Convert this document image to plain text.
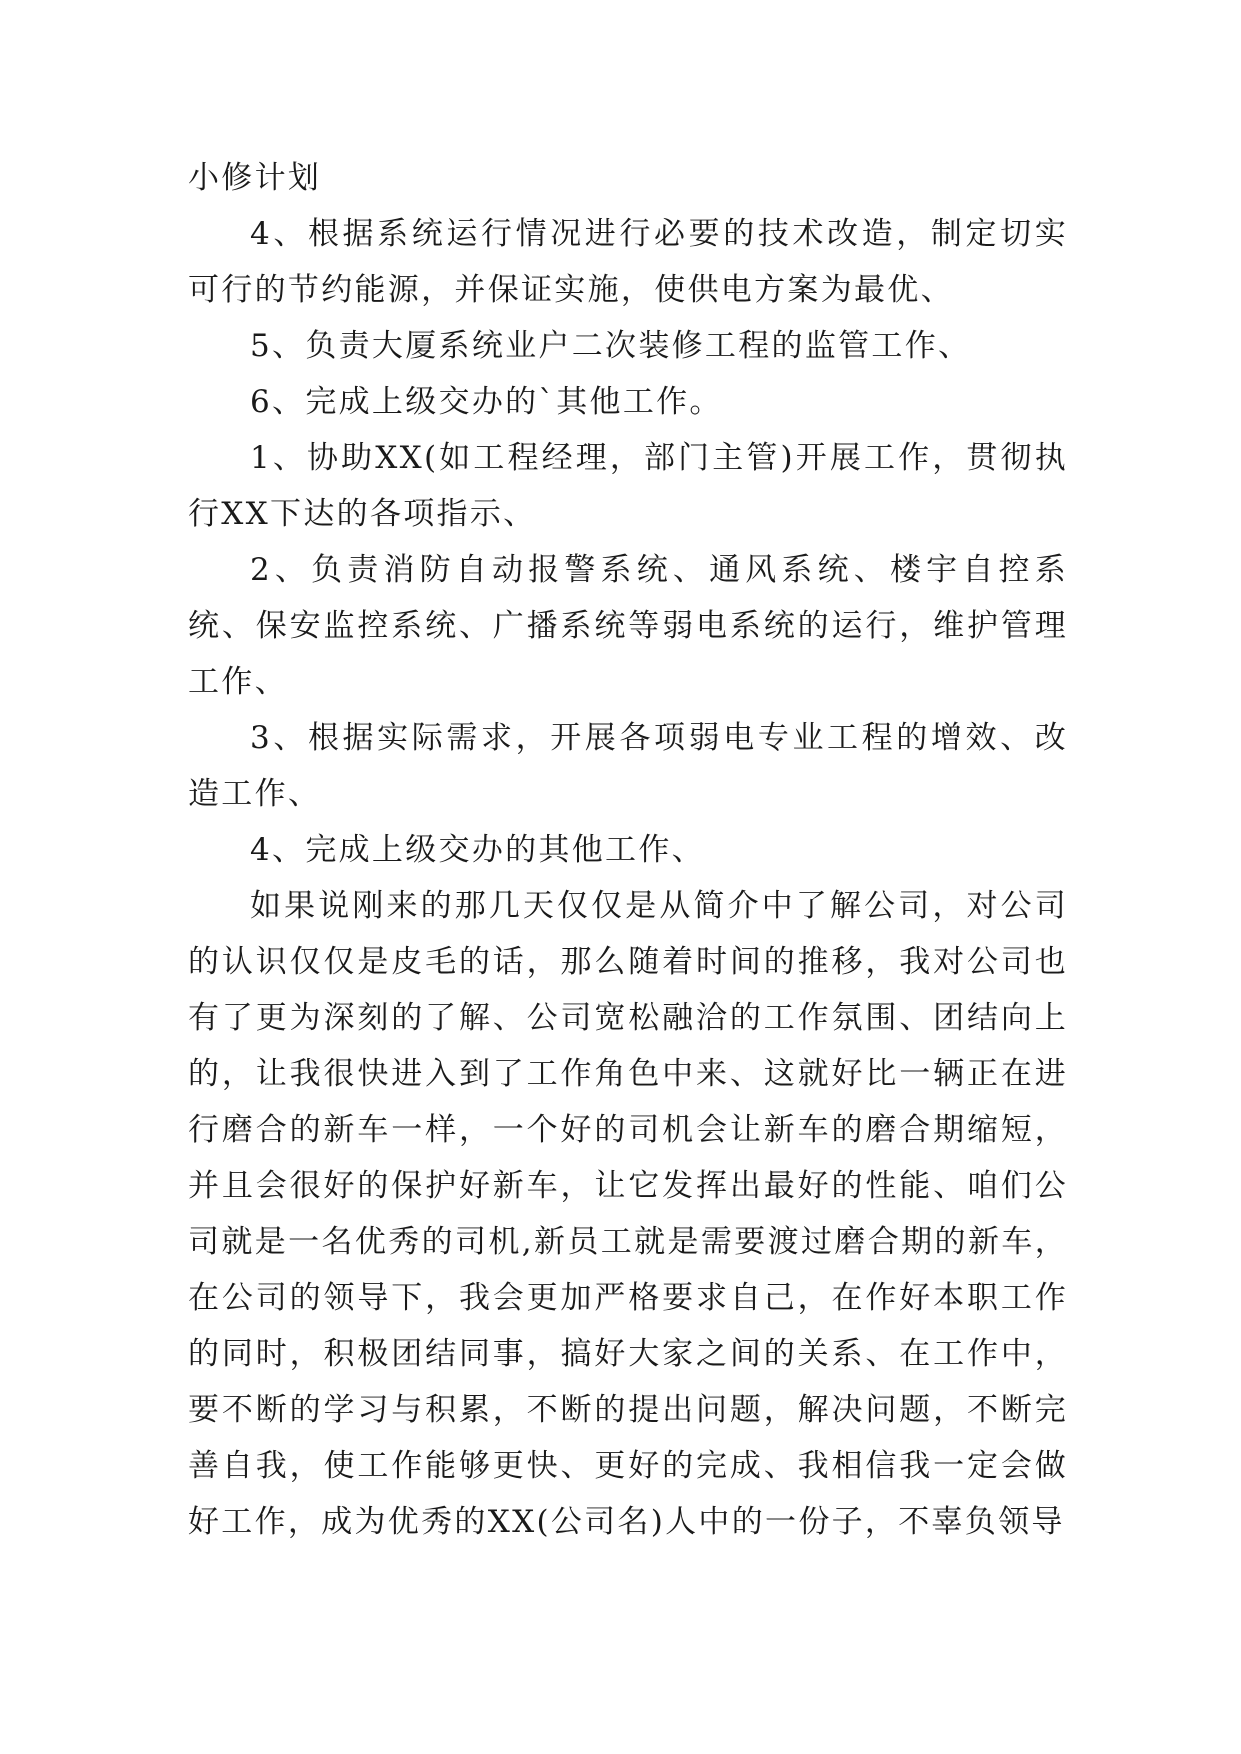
小修计划

4、根据系统运行情况进行必要的技术改造，制定切实可行的节约能源，并保证实施，使供电方案为最优、

5、负责大厦系统业户二次装修工程的监管工作、

6、完成上级交办的`其他工作。

1、协助XX(如工程经理，部门主管)开展工作，贯彻执行XX下达的各项指示、

2、负责消防自动报警系统、通风系统、楼宇自控系统、保安监控系统、广播系统等弱电系统的运行，维护管理工作、

3、根据实际需求，开展各项弱电专业工程的增效、改造工作、

4、完成上级交办的其他工作、

如果说刚来的那几天仅仅是从简介中了解公司，对公司的认识仅仅是皮毛的话，那么随着时间的推移，我对公司也有了更为深刻的了解、公司宽松融洽的工作氛围、团结向上的，让我很快进入到了工作角色中来、这就好比一辆正在进行磨合的新车一样，一个好的司机会让新车的磨合期缩短，并且会很好的保护好新车，让它发挥出最好的性能、咱们公司就是一名优秀的司机,新员工就是需要渡过磨合期的新车，在公司的领导下，我会更加严格要求自己，在作好本职工作的同时，积极团结同事，搞好大家之间的关系、在工作中，要不断的学习与积累，不断的提出问题，解决问题，不断完善自我，使工作能够更快、更好的完成、我相信我一定会做好工作，成为优秀的XX(公司名)人中的一份子，不辜负领导
